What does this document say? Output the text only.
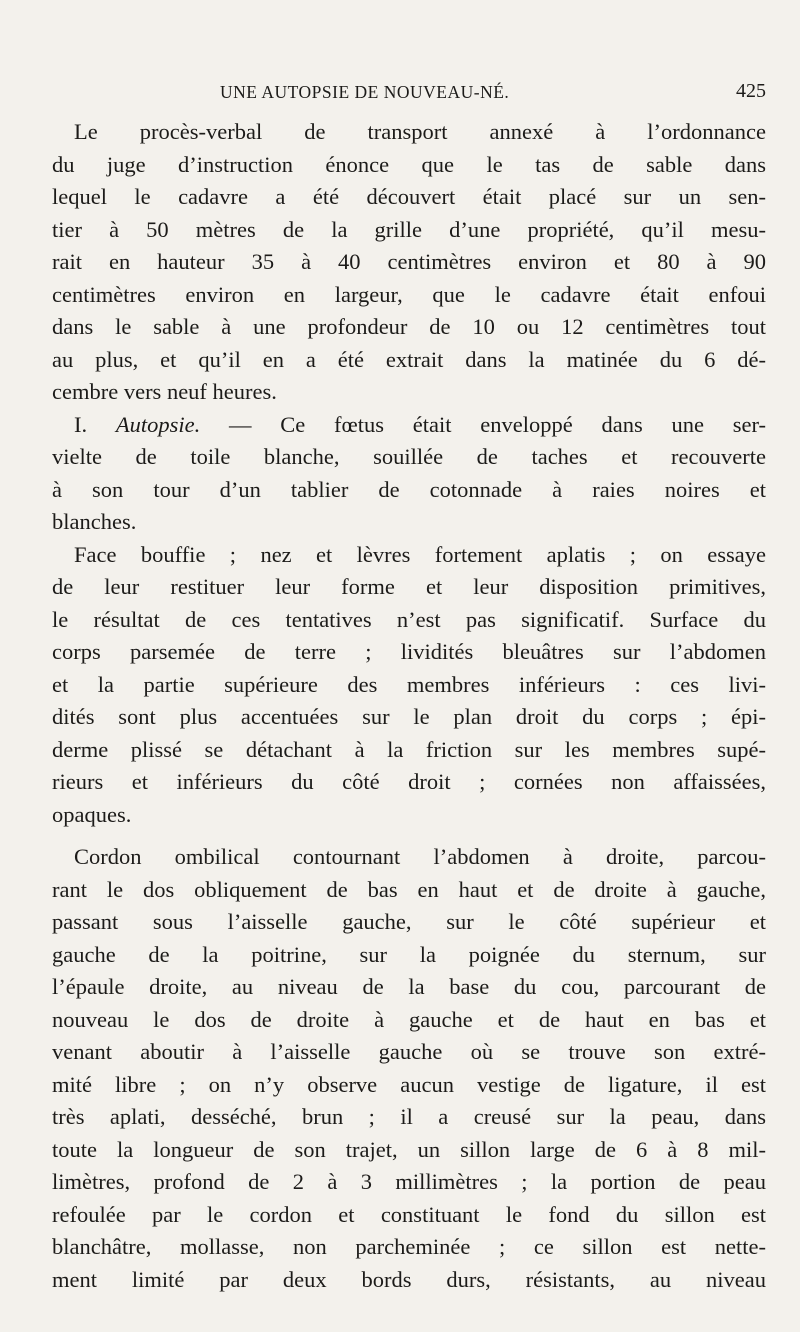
UNE AUTOPSIE DE NOUVEAU-NÉ.	425
Le procès-verbal de transport annexé à l’ordonnance
du juge d’instruction énonce que le tas de sable dans
lequel le cadavre a été découvert était placé sur un sen-
tier à 50 mètres de la grille d’une propriété, qu’il mesu-
rait en hauteur 35 à 40 centimètres environ et 80 à 90
centimètres environ en largeur, que le cadavre était enfoui
dans le sable à une profondeur de 10 ou 12 centimètres tout
au plus, et qu’il en a été extrait dans la matinée du 6 dé-
cembre vers neuf heures.
I. Autopsie. — Ce fœtus était enveloppé dans une ser-
vielte de toile blanche, souillée de taches et recouverte
à son tour d’un tablier de cotonnade à raies noires et
blanches.
Face bouffie ; nez et lèvres fortement aplatis ; on essaye
de leur restituer leur forme et leur disposition primitives,
le résultat de ces tentatives n’est pas significatif. Surface du
corps parsemée de terre ; lividités bleuâtres sur l’abdomen
et la partie supérieure des membres inférieurs : ces livi-
dités sont plus accentuées sur le plan droit du corps ; épi-
derme plissé se détachant à la friction sur les membres supé-
rieurs et inférieurs du côté droit ; cornées non affaissées,
opaques.
Cordon ombilical contournant l’abdomen à droite, parcou-
rant le dos obliquement de bas en haut et de droite à gauche,
passant sous l’aisselle gauche, sur le côté supérieur et
gauche de la poitrine, sur la poignée du sternum, sur
l’épaule droite, au niveau de la base du cou, parcourant de
nouveau le dos de droite à gauche et de haut en bas et
venant aboutir à l’aisselle gauche où se trouve son extré-
mité libre ; on n’y observe aucun vestige de ligature, il est
très aplati, desséché, brun ; il a creusé sur la peau, dans
toute la longueur de son trajet, un sillon large de 6 à 8 mil-
limètres, profond de 2 à 3 millimètres ; la portion de peau
refoulée par le cordon et constituant le fond du sillon est
blanchâtre, mollasse, non parcheminée ; ce sillon est nette-
ment limité par deux bords durs, résistants, au niveau
